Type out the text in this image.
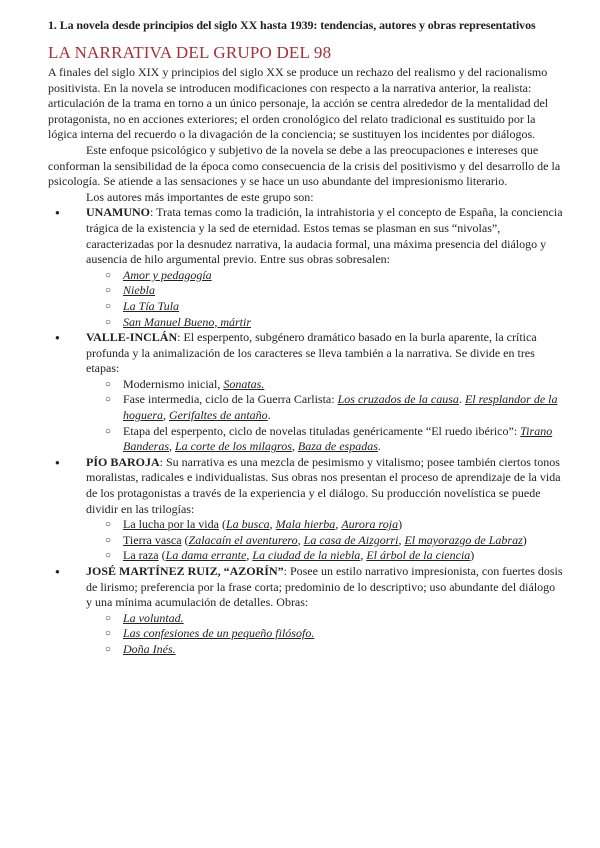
1. La novela desde principios del siglo XX hasta 1939: tendencias, autores y obras representativos
LA NARRATIVA DEL GRUPO DEL 98

A finales del siglo XIX y principios del siglo XX se produce un rechazo del realismo y del racionalismo positivista. En la novela se introducen modificaciones con respecto a la narrativa anterior, la realista: articulación de la trama en torno a un único personaje, la acción se centra alrededor de la mentalidad del protagonista, no en acciones exteriores; el orden cronológico del relato tradicional es sustituido por la lógica interna del recuerdo o la divagación de la conciencia; se sustituyen los incidentes por diálogos.

Este enfoque psicológico y subjetivo de la novela se debe a las preocupaciones e intereses que conforman la sensibilidad de la época como consecuencia de la crisis del positivismo y del desarrollo de la psicología. Se atiende a las sensaciones y se hace un uso abundante del impresionismo literario.

Los autores más importantes de este grupo son:
● UNAMUNO: Trata temas como la tradición, la intrahistoria y el concepto de España, la conciencia trágica de la existencia y la sed de eternidad. Estos temas se plasman en sus “nivolas”, caracterizadas por la desnudez narrativa, la audacia formal, una máxima presencia del diálogo y ausencia de hilo argumental previo. Entre sus obras sobresalen:
○ Amor y pedagogía
○ Niebla
○ La Tía Tula
○ San Manuel Bueno, mártir
● VALLE-INCLÁN: El esperpento, subgénero dramático basado en la burla aparente, la crítica profunda y la animalización de los caracteres se lleva también a la narrativa. Se divide en tres etapas:
○ Modernismo inicial, Sonatas.
○ Fase intermedia, ciclo de la Guerra Carlista: Los cruzados de la causa. El resplandor de la hoguera, Gerifaltes de antaño.
○ Etapa del esperpento, ciclo de novelas tituladas genéricamente “El ruedo ibérico”: Tirano Banderas, La corte de los milagros, Baza de espadas.
● PÍO BAROJA: Su narrativa es una mezcla de pesimismo y vitalismo; posee también ciertos tonos moralistas, radicales e individualistas. Sus obras nos presentan el proceso de aprendizaje de la vida de los protagonistas a través de la experiencia y el diálogo. Su producción novelística se puede dividir en las trilogías:
○ La lucha por la vida (La busca, Mala hierba, Aurora roja)
○ Tierra vasca (Zalacaín el aventurero, La casa de Aizgorri, El mayorazgo de Labraz)
○ La raza (La dama errante, La ciudad de la niebla, El árbol de la ciencia)
● JOSÉ MARTÍNEZ RUIZ, “AZORÍN”: Posee un estilo narrativo impresionista, con fuertes dosis de lirismo; preferencia por la frase corta; predominio de lo descriptivo; uso abundante del diálogo y una mínima acumulación de detalles. Obras:
○ La voluntad.
○ Las confesiones de un pequeño filósofo.
○ Doña Inés.
